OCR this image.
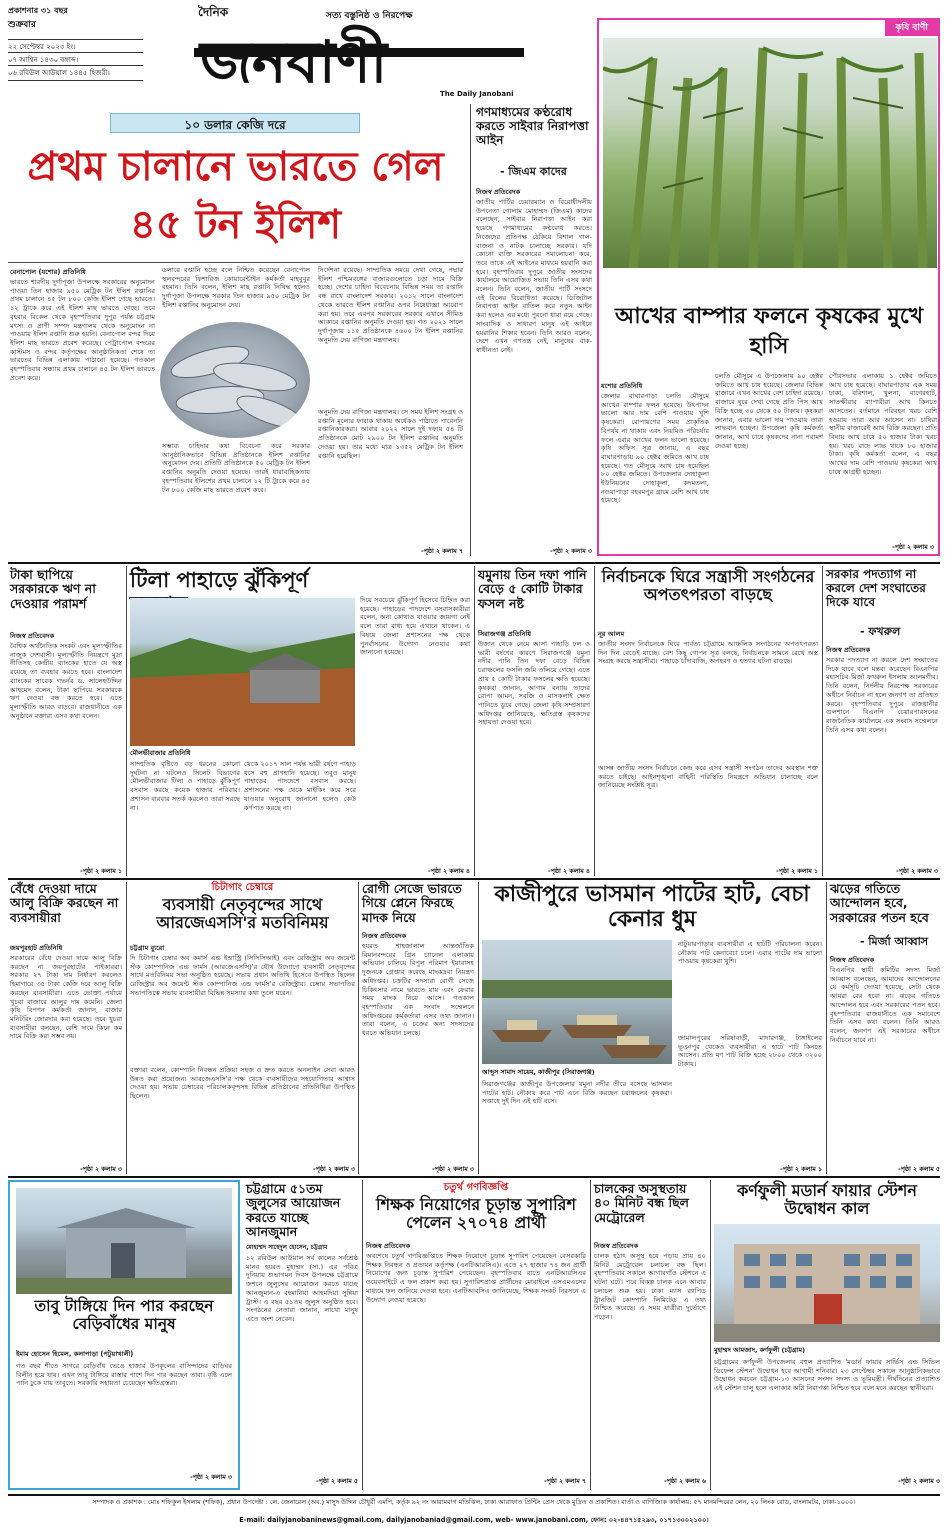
প্রকাশনার ৩১ বছর
শুক্রবার
২২ সেপ্টেম্বর ২০২৩ ইং।
০৭ আশ্বিন ১৪৩০ বঙ্গাব্দ।
০৬ রবিউল আউয়াল ১৪৪৫ হিজরী।
দৈনিক	সত্য বস্তুনিষ্ঠ ও নিরপেক্ষ
জনবাণী	The Daily Janobani
কৃষি বাণী
আখের বাম্পার ফলনে কৃষকের মুখে হাসি
যশোর প্রতিনিধি
জেলার বাঘারপাড়া চলতি মৌসুমে আখের বাম্পার ফলন হয়েছে। উৎপাদন ভালো আর দাম বেশি পাওয়ায় খুশি কৃষকেরা। রোপায়ণের সময় প্রাকৃতিক বিপর্যয় না থাকায় এবং নিয়মিত পরিচর্যার ফলে এবার আখের ফলন ভালো হয়েছে। কৃষি অফিস সূত্র জানায়, এ বছর বাঘারপাড়ায় ৯০ হেক্টর জমিতে আখ চাষ হয়েছে। গত মৌসুমে আখ চাষ হয়েছিল ৮০ হেক্টর জমিতে। উপজেলার দোহাকুলা ইউনিয়নের দোহাকুলা, কদমতলা, নওয়াপাড়া বহরমপুর গ্রামে বেশি আখ চাষ হয়েছে।
চলতি মৌসুমে এ উপজেলায় ৯০ হেক্টর জমিতে আখ চাষ হয়েছে। জেলার বিভিন্ন বাজারে এখন আখের বেশ চাহিদা রয়েছে। বাজারে ঘুরে দেখা গেছে প্রতি পিস আখ বিক্রি হচ্ছে ৩০ থেকে ৫০ টাকায়। কৃষকরা জানান, এবার ভালো দাম পাওয়ায় তারা লাভবান হচ্ছেন। উপজেলা কৃষি কর্মকর্তা জানান, আখ চাষে কৃষকদের নানা পরামর্শ দেওয়া হচ্ছে।
পৌরসভার এলাকায় ১ হেক্টর জমিতে আখ চাষ হয়েছে। বাঘারপাড়ার এক সময় ঢাকা, বরিশাল, খুলনা, বাগেরহাট, সাতক্ষীরার ব্যাপারীরা আখ কিনতে আসতেন। বর্তমানে পরিবহন খরচ বেশি হওয়ায় তারা আর আসেন না। চাষিরা স্থানীয় বাজারেই আখ বিক্রি করছেন। প্রতি বিঘায় আখ চাষে ৫০ হাজার টাকা খরচ হয়। খরচ বাদে লাভ থাকে ৮০ হাজার টাকা। কৃষি কর্মকর্তা বলেন, এ বছর আখের দাম বেশি পাওয়ায় কৃষকেরা আখ চাষে আগ্রহী হচ্ছেন।
-পৃষ্ঠা ২ কলাম ৩
১০ ডলার কেজি দরে
প্রথম চালানে ভারতে গেল ৪৫ টন ইলিশ
বেনাপোল (যশোর) প্রতিনিধি
ভারতে শারদীয় দুর্গাপূজা উপলক্ষে সরকারের অনুমোদন পাওয়া তিন হাজার ৯৫০ মেট্রিক টন ইলিশ রপ্তানির প্রথম চালানে ৪৫ টন ৮০০ কেজি ইলিশ গেছে ভারতে। ১২ ট্রাকে করে এই ইলিশ মাছ ভারতে গেছে। তবে বৃহবার বিকেল থেকে বৃহস্পতিবার দুপুর পর্যন্ত চট্টগ্রাম মৎস্য ও প্রাণী সম্পদ মন্ত্রণালয় থেকে অনুমোদন না পাওয়ায় ইলিশ রপ্তানি শুরু হয়নি। বেনাপোল বন্দর দিয়ে ইলিশ মাছ ভারতে প্রবেশ করেছে। পেট্রাপোল বন্দরের কাস্টমস ও বন্দর কর্তৃপক্ষের আনুষ্ঠানিকতা শেষে তা ভারতের বিভিন্ন এলাকায় পাঠানো হয়েছে। গতকাল বৃহস্পতিবার সন্ধ্যায় প্রথম চালানে ৪৫ টন ইলিশ ভারতে প্রবেশ করে।
ডলারে রপ্তানি হচ্ছে বলে নিশ্চিত করেছেন বেনাপোল স্থলবন্দরের ফিশারিজ কোয়ারেন্টাইন কর্মকর্তা মাহবুবুর রহমান। তিনি বলেন, ইলিশ মাছ রপ্তানি নিষিদ্ধ হলেও দুর্গাপূজা উপলক্ষে সরকার তিন হাজার ৯৫০ মেট্রিক টন ইলিশ রপ্তানির অনুমোদন দেয়।
সম্ভাব্য চাহিদার কথা বিবেচনা করে সরকার আনুষ্ঠানিকভাবে বিভিন্ন প্রতিষ্ঠানকে ইলিশ রপ্তানির অনুমোদন দেয়। প্রতিটি প্রতিষ্ঠানকে ৫০ মেট্রিক টন ইলিশ রপ্তানির অনুমতি দেওয়া হয়েছে। তারই ধারাবাহিকতায় বৃহস্পতিবার ইলিশের প্রথম চালানে ১২ টি ট্রাকে করে ৪৫ টন ৮০০ কেজি মাছ ভারতে প্রবেশ করে।
নির্দেশনা রয়েছে। সাম্প্রতিক সময়ে দেখা গেছে, পদ্মার ইলিশ পশ্চিমবঙ্গের বাজারগুলোতে চড়া দামে বিক্রি হচ্ছে। দেশের চাহিদা বিবেচনায় বিভিন্ন সময় তা রপ্তানি বন্ধ রাখে বাংলাদেশ সরকার। ২০১২ সালে বাংলাদেশ থেকে ভারতে ইলিশ রপ্তানির ওপর নিষেধাজ্ঞা আরোপ করা হয়। তবে এরপর সরকারের সরকার এখানে সীমিত আকারে রপ্তানির অনুমতি দেওয়া হয়। গত ২০২১ সালে দুর্গাপূজায় ১১৫ প্রতিষ্ঠানকে ৪৬০০ টন ইলিশ রপ্তানির অনুমতি দেয় বাণিজ্য মন্ত্রণালয়।
অনুমতি দেয় বাণিজ্য মন্ত্রণালয়। সে সময় ইলিশ সংগ্রহ ও রপ্তানি মূল্যের ফারাক থাকায় অর্ধেকও পাঠাতে পারেননি রপ্তানিকারকরা। আবার ২০২২ সালে দুই দফায় ৫৪ টি প্রতিষ্ঠানকে মোট ২৯০০ টন ইলিশ রপ্তানির অনুমতি দেওয়া হয়। তার মধ্যে মাত্র ১৩৫২ মেট্রিক টন ইলিশ রপ্তানি হয়েছিল।
-পৃষ্ঠা ২ কলাম ৭
গণমাধ্যমের কণ্ঠরোধ করতে সাইবার নিরাপত্তা আইন
- জিএম কাদের
নিজস্ব প্রতিবেদক
জাতীয় পার্টির চেয়ারম্যান ও বিরোধীদলীয় উপনেতা গোলাম মোহাম্মদ (জিএম) কাদের বলেছেন, সাইবার নিরাপত্তা আইন করা হয়েছে গণমাধ্যমের কণ্ঠরোধ করতে। নিজেদের প্রতিপক্ষ ঠেকিয়ে বিশাল গাল-বাজনা ও নাটক চালাচ্ছে সরকার। যদি কোনো ব্যক্তি সরকারের সমালোচনা করে, তবে তাকে এই আইনের মাধ্যমে হয়রানি করা হবে। বৃহস্পতিবার দুপুরে জাতীয় সংসদের কার্যালয়ে আয়োজিত সভায় তিনি এসব কথা বলেন। তিনি বলেন, জাতীয় পার্টি সংসদে এই বিলের বিরোধিতা করেছে। ডিজিটাল নিরাপত্তা আইন বাতিল করে নতুন আইন করা হলেও এর মধ্যে পুরনো ধারা রয়ে গেছে। সাংবাদিক ও সাধারণ মানুষ এই আইনে হয়রানির শিকার হবেন। তিনি আরও বলেন, দেশে এখন গণতন্ত্র নেই, মানুষের বাক-স্বাধীনতা নেই।
-পৃষ্ঠা ২ কলাম ৩
টাকা ছাপিয়ে সরকারকে ঋণ না দেওয়ার পরামর্শ
নিজস্ব প্রতিবেদক
বৈশ্বিক অর্থনৈতিক সংকট এবং মূল্যস্ফীতির নাজুক দেশবাসী। মূল্যস্ফীতি নিয়ন্ত্রণে মুদ্রা নীতিসহ কেন্দ্রীয় ব্যাংকের হাতে যে অস্ত্র রয়েছে তা ব্যবহার করতে হবে। বাংলাদেশ ব্যাংকের সাবেক গভর্নর ড. সালেহউদ্দিন আহমেদ বলেন, টাকা ছাপিয়ে সরকারকে ঋণ দেওয়া বন্ধ করতে হবে। এতে মূল্যস্ফীতি আরও বাড়বে। রাজধানীতে এক অনুষ্ঠানে বক্তারা এসব কথা বলেন।
-পৃষ্ঠা ২ কলাম ১
টিলা পাহাড়ে ঝুঁকিপূর্ণ
মৌলভীবাজার প্রতিনিধি
সাম্প্রতিক বৃষ্টিতে বড় ধরনের কোনো দুর্ঘটনা না ঘটলেও সিলেট বিভাগের মৌলভীবাজার টিলা ও পাহাড়ে ঝুঁকিপূর্ণ বসবাস করছে কয়েক হাজার পরিবার। প্রশাসন বারবার সতর্ক করলেও তারা সরছে না।
থেকে ২০১৭ সাল পর্যন্ত ভারী বর্ষণে পাহাড় ধসে বহু প্রাণহানি হয়েছে। তবুও মানুষ পাহাড়ের পাদদেশে বসবাস করছে। প্রশাসনের পক্ষ থেকে মাইকিং করে সরে যাওয়ার অনুরোধ জানানো হলেও কেউ কর্ণপাত করছে না।
দিয়ে সবচেয়ে ঝুঁকিপূর্ণ হিসেবে চিহ্নিত করা হয়েছে। পাহাড়ের পাদদেশে বসবাসকারীরা বলেন, অন্য কোথাও যাওয়ার জায়গা নেই বলে তারা বাধ্য হয়ে এখানে থাকেন। এ বিষয়ে জেলা প্রশাসনের পক্ষ থেকে পুনর্বাসনের উদ্যোগ নেওয়ার কথা জানানো হয়েছে।
-পৃষ্ঠা ২ কলাম ৪
যমুনায় তিন দফা পানি বেড়ে ৫ কোটি টাকার ফসল নষ্ট
সিরাজগঞ্জ প্রতিনিধি
উজান থেকে নেমে আসা পাহাড়ি ঢল ও ভারী বর্ষণের কারণে সিরাজগঞ্জে যমুনা নদীর পানি তিন দফা বেড়ে বিভিন্ন চরাঞ্চলের ফসলি জমি তলিয়ে গেছে। এতে প্রায় ৫ কোটি টাকার ফসলের ক্ষতি হয়েছে। কৃষকরা জানান, আগাম বন্যায় তাদের রোপা আমন, সবজি ও মাসকলাই ক্ষেত পানিতে ডুবে গেছে। জেলা কৃষি সম্প্রসারণ অধিদপ্তর জানিয়েছে, ক্ষতিগ্রস্ত কৃষকদের সহায়তা দেওয়া হবে।
-পৃষ্ঠা ২ কলাম ৪
নির্বাচনকে ঘিরে সন্ত্রাসী সংগঠনের অপতৎপরতা বাড়ছে
নূর আলম
জাতীয় সংসদ নির্বাচনকে ঘিরে পার্বত্য চট্টগ্রামে আঞ্চলিক সংগঠনের অপতৎপরতা দিন দিন বেড়েই যাচ্ছে। বেশ কিছু গোপন সূত্র বলছে, নির্বাচনকে সামনে রেখে অস্ত্র সংগ্রহ করছে সন্ত্রাসীরা। পাহাড়ে চাঁদাবাজি, অপহরণ ও হত্যার ঘটনা বাড়ছে।
আসন্ন জাতীয় সংসদ নির্বাচনে কেন্দ্র করে এসব সন্ত্রাসী সংগঠন তাদের অবস্থান শক্ত করতে চাইছে। আইনশৃঙ্খলা বাহিনী পরিস্থিতি নিয়ন্ত্রণে অভিযান চালাচ্ছে বলে জানিয়েছে সংশ্লিষ্ট সূত্র।
-পৃষ্ঠা ২ কলাম ১
সরকার পদত্যাগ না করলে দেশ সংঘাতের দিকে যাবে
- ফখরুল
নিজস্ব প্রতিবেদক
সরকার পদত্যাগ না করলে দেশ সংঘাতের দিকে যাবে বলে মন্তব্য করেছেন বিএনপির মহাসচিব মির্জা ফখরুল ইসলাম আলমগীর। তিনি বলেন, নির্দলীয় নিরপেক্ষ সরকারের অধীনে নির্বাচন না হলে জনগণ তা প্রতিহত করবে। বৃহস্পতিবার দুপুরে রাজধানীর গুলশানে বিএনপি চেয়ারপারসনের রাজনৈতিক কার্যালয়ে এক সংবাদ সম্মেলনে তিনি এসব কথা বলেন।
-পৃষ্ঠা ২ কলাম ৩
বেঁধে দেওয়া দামে আলু বিক্রি করছেন না ব্যবসায়ীরা
জয়পুরহাট প্রতিনিধি
সরকারের বেঁধে দেওয়া দামে আলু বিক্রি করছেন না জয়পুরহাটের পাইকাররা। সরকার ২৭ টাকা দাম নির্ধারণ করলেও হিমাগারে ৩৫ টাকা কেজি দরে আলু বিক্রি করছেন ব্যবসায়ীরা। এতে ভোক্তা পর্যায়ে খুচরা বাজারে আলুর দাম কমেনি। জেলা কৃষি বিপণন কর্মকর্তা জানান, বাজার মনিটরিং জোরদার করা হয়েছে। তবে খুচরা ব্যবসায়ীরা বলছেন, বেশি দামে কিনে কম দামে বিক্রি করা সম্ভব নয়।
-পৃষ্ঠা ২ কলাম ৩
চিটাগাং চেম্বারে
ব্যবসায়ী নেতৃবৃন্দের সাথে আরজেএসসি'র মতবিনিময়
চট্টগ্রাম ব্যুরো
দি চিটাগাং চেম্বার অব কমার্স এন্ড ইন্ডাস্ট্রি (সিসিসিআই) এবং রেজিস্ট্রার অব জয়েন্ট স্টক কোম্পানিজ এন্ড ফার্মস (আরজেএসসি)'র যৌথ উদ্যোগে ব্যবসায়ী নেতৃবৃন্দের সাথে মতবিনিময় সভা অনুষ্ঠিত হয়েছে। সভায় প্রধান অতিথি হিসেবে উপস্থিত ছিলেন রেজিস্ট্রার অব জয়েন্ট স্টক কোম্পানিজ এন্ড ফার্মস'র রেজিস্ট্রার। চেম্বার সভাপতির সভাপতিত্বে সভায় ব্যবসায়ীরা বিভিন্ন সমস্যার কথা তুলে ধরেন।
বক্তারা বলেন, কোম্পানি নিবন্ধন প্রক্রিয়া সহজ ও দ্রুত করতে অনলাইন সেবা আরও উন্নত করা প্রয়োজন। আরজেএসসি'র পক্ষ থেকে ব্যবসায়ীদের সহযোগিতার আশ্বাস দেওয়া হয়। সভায় চেম্বারের পরিচালকবৃন্দসহ বিভিন্ন প্রতিষ্ঠানের প্রতিনিধিরা উপস্থিত ছিলেন।
-পৃষ্ঠা ২ কলাম ৩
রোগী সেজে ভারতে গিয়ে প্লেনে ফিরছে মাদক নিয়ে
নিজস্ব প্রতিবেদক
হযরত শাহজালাল আন্তর্জাতিক বিমানবন্দরের গ্রিন চ্যানেল এলাকায় অভিযান চালিয়ে বিপুল পরিমাণ ইয়াবাসহ দুজনকে গ্রেপ্তার করেছে মাদকদ্রব্য নিয়ন্ত্রণ অধিদপ্তর। চক্রটির সদস্যরা রোগী সেজে চিকিৎসার নামে ভারতে যায় এবং ফেরার সময় মাদক নিয়ে আসে। গতকাল বৃহস্পতিবার এক সংবাদ সম্মেলনে অধিদপ্তরের কর্মকর্তারা এসব তথ্য জানান। তারা বলেন, এ চক্রের অন্য সদস্যদের ধরতে অভিযান চলছে।
-পৃষ্ঠা ২ কলাম ৩
কাজীপুরে ভাসমান পাটের হাট, বেচা কেনার ধুম
আব্দুস সামাদ সায়েম, কাজীপুর (সিরাজগঞ্জ)
সিরাজগঞ্জের কাজীপুর উপজেলার যমুনা নদীর তীরে বসেছে ভাসমান পাটের হাট। নৌকায় করে পাট এনে বিক্রি করছেন চরাঞ্চলের কৃষকরা। সপ্তাহে দুই দিন এই হাট বসে।
নাটুয়ারপাড়ার ব্যবসায়ীরা এ হাটটি পরিচালনা করেন। নৌকায় পাট কেনাবেচা চলে। এবার পাটের দাম ভালো পাওয়ায় কৃষকেরা খুশি।
জামালপুরের সরিষাবাড়ী, মাদারগঞ্জ, টাঙ্গাইলের ভূঞাপুর থেকেও ব্যবসায়ীরা এ হাটে পাট কিনতে আসেন। প্রতি মণ পাট বিক্রি হচ্ছে ২৮০০ থেকে ৩২০০ টাকায়।
-পৃষ্ঠা ২ কলাম ১
ঝড়ের গতিতে আন্দোলন হবে, সরকারের পতন হবে
- মির্জা আব্বাস
নিজস্ব প্রতিবেদক
বিএনপির স্থায়ী কমিটির সদস্য মির্জা আব্বাস বলেছেন, আমাদের আন্দোলনের যে কর্মসূচি দেওয়া হয়েছে, সেটা থেকে আমরা বের হবো না। ঝড়ের গতিতে আন্দোলন হবে এবং সরকারের পতন হবে। বৃহস্পতিবার রাজধানীতে এক সমাবেশে তিনি এসব কথা বলেন। তিনি আরও বলেন, জনগণ এই সরকারের অধীনে নির্বাচনে যাবে না।
-পৃষ্ঠা ২ কলাম ৫
তাবু টাঙ্গিয়ে দিন পার করছেন বেড়িবাঁধের মানুষ
ইমাম হোসেন হিমেল, কলাপাড়া (পটুয়াখালী)
গত বছর শীতে সাগরে বেড়িবাঁধ ভেঙে হাজার উপকূলের বাসিন্দাদের বাড়িঘর বিলীন হয়ে যায়। এখন তাবু টাঙ্গিয়ে রাস্তার পাশে দিন পার করছেন তারা। বৃষ্টি এলে পানি ঢুকে যায় তাবুতে। সরকারি সহায়তা চেয়েছেন ক্ষতিগ্রস্তরা।
-পৃষ্ঠা ২ কলাম ৩
চট্টগ্রামে ৫১তম জুলুসের আয়োজন করতে যাচ্ছে আনজুমান
মোহাম্মদ সাহেদুল হোসেন, চট্টগ্রাম
১২ রবিউল আউয়াল সর্ব কালের সর্বশ্রেষ্ঠ মানব হযরত মুহাম্মদ (সা.) এর পবিত্র দুনিয়ায় শুভাগমন দিবস উপলক্ষে চট্টগ্রামে জশনে জুলুসের আয়োজন করতে যাচ্ছে আনজুমান-এ রহমানিয়া আহমদিয়া সুন্নিয়া ট্রাস্ট। এ বছর ৫১তম জুলুস অনুষ্ঠিত হবে। সংগঠনের নেতারা জানান, লাখো মানুষ এতে অংশ নেবেন।
-পৃষ্ঠা ২ কলাম ৫
চতুর্থ গণবিজ্ঞপ্তি
শিক্ষক নিয়োগের চূড়ান্ত সুপারিশ পেলেন ২৭০৭৪ প্রার্থী
নিজস্ব প্রতিবেদক
অবশেষে চতুর্থ গণবিজ্ঞপ্তিতে শিক্ষক নিয়োগে চূড়ান্ত সুপারিশ পেয়েছেন বেসরকারি শিক্ষক নিবন্ধন ও প্রত্যয়ন কর্তৃপক্ষ (এনটিআরসিএ)। এতে ২৭ হাজার ৭৪ জন প্রার্থী নিয়োগের জন্য চূড়ান্ত সুপারিশ পেয়েছেন। বৃহস্পতিবার রাতে এনটিআরসিএর ওয়েবসাইটে এ ফল প্রকাশ করা হয়। সুপারিশপ্রাপ্ত প্রার্থীদের মোবাইলে এসএমএসের মাধ্যমে ফল জানিয়ে দেওয়া হবে। এনটিআরসিএ জানিয়েছে, শিক্ষক সংকট নিরসনে এ উদ্যোগ নেওয়া হয়েছে।
-পৃষ্ঠা ২ কলাম ৭
চালকের অসুস্থতায় ৪০ মিনিট বন্ধ ছিল মেট্রোরেল
নিজস্ব প্রতিবেদক
চালক হঠাৎ অসুস্থ হয়ে পড়ায় প্রায় ৪০ মিনিট মেট্রোরেল চলাচল বন্ধ ছিল। বৃহস্পতিবার সকালে আগারগাঁও স্টেশনে এ ঘটনা ঘটে। পরে বিকল্প চালক এনে আবার চলাচল শুরু হয়। ঢাকা ম্যাস র‌্যাপিড ট্রানজিট কোম্পানি লিমিটেড এ তথ্য নিশ্চিত করেছে। এ সময় যাত্রীরা দুর্ভোগে পড়েন।
-পৃষ্ঠা ২ কলাম ৬
কর্ণফুলী মডার্ন ফায়ার স্টেশন উদ্বোধন কাল
মুহাম্মদ আমজাদ, কর্ণফুলী (চট্টগ্রাম)
চট্টগ্রামের কর্ণফুলী উপজেলার বহুল প্রত্যাশিত 'মডার্ন ফায়ার সার্ভিস এন্ড সিভিল ডিফেন্স স্টেশন' উদ্বোধন হবে আগামী শনিবার। ২৩ সেপ্টেম্বর সকালে আনুষ্ঠানিকভাবে উদ্বোধন করবেন চট্টগ্রাম-১৩ আসনের সংসদ সদস্য ও ভূমিমন্ত্রী। দীর্ঘদিনের প্রত্যাশিত এই স্টেশন চালু হলে এলাকার অগ্নি নিরাপত্তা নিশ্চিত হবে বলে মনে করছেন স্থানীয়রা।
-পৃষ্ঠা ২ কলাম ৩
সম্পাদক ও প্রকাশক : মোঃ শফিকুল ইসলাম (শফিক), প্রধান উপদেষ্টা : লে. জেনারেল (অব.) মাসুদ উদ্দিন চৌধুরী এমপি, কর্তৃক ৯২ নং আরামবাগ মতিঝিল, ঢাকা আরাফাত প্রিন্টিং প্রেস থেকে মুদ্রিত ও প্রকাশিত। বার্তা ও বাণিজ্যিক কার্যালয়: ৫৭ মানমন্দিরের লেন, ২০ লিংক রোড, বাংলামটর, ঢাকা-১০০০।
E-mail: dailyjanobaninews@gmail.com, dailyjanobaniad@gmail.com, web- www.janobani.com, ফোন: ০২-৪৪৭১৫২৯৩, ০১৭১৩০০২১০০।
